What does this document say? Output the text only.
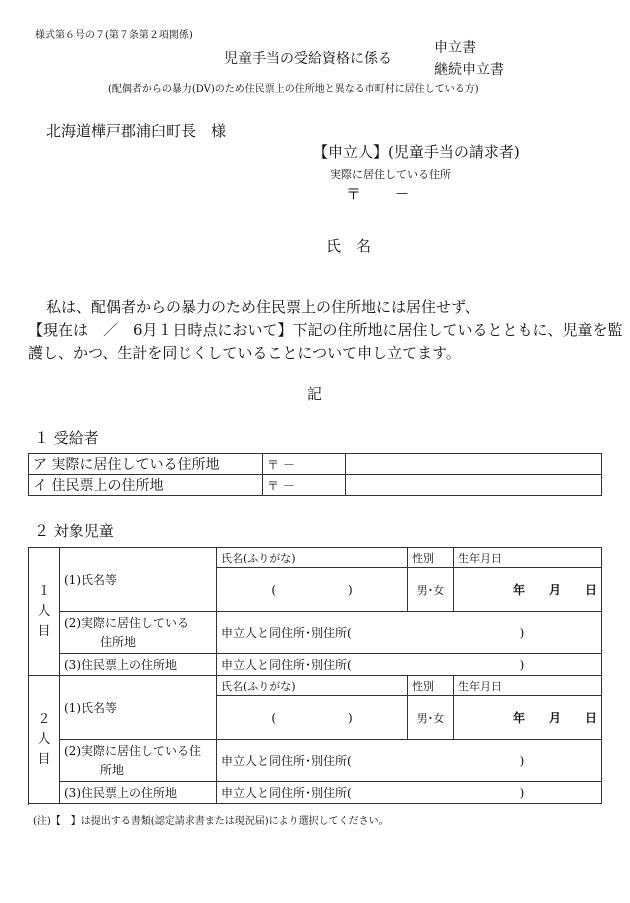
様式第６号の７(第７条第２項関係)
児童手当の受給資格に係る
申立書
継続申立書
(配偶者からの暴力(DV)のため住民票上の住所地と異なる市町村に居住している方)
北海道樺戸郡浦臼町長　様
【申立人】(児童手当の請求者)
実際に居住している住所
〒	—
氏　名
私は、配偶者からの暴力のため住民票上の住所地には居住せず、
【現在は　／　6月１日時点において】下記の住所地に居住しているとともに、児童を監
護し、かつ、生計を同じくしていることについて申し立てます。
記
１ 受給者
ア 実際に居住している住所地	〒 －	
イ 住民票上の住所地	〒 －	
２ 対象児童
１
人
目	(1)氏名等	氏名(ふりがな)	性別	生年月日
		(　　　　　　)	男･女	年　　月　　日
	(2)実際に居住している
　　　住所地	申立人と同住所･別住所(　　　　　　　　　　　　　　)		
	(3)住民票上の住所地	申立人と同住所･別住所(　　　　　　　　　　　　　　)		

２
人
目	(1)氏名等	氏名(ふりがな)	性別	生年月日
		(　　　　　　)	男･女	年　　月　　日
	(2)実際に居住している住
　　　所地	申立人と同住所･別住所(　　　　　　　　　　　　　　)		
	(3)住民票上の住所地	申立人と同住所･別住所(　　　　　　　　　　　　　　)		

(注)【　】は提出する書類(認定請求書または現況届)により選択してください。
